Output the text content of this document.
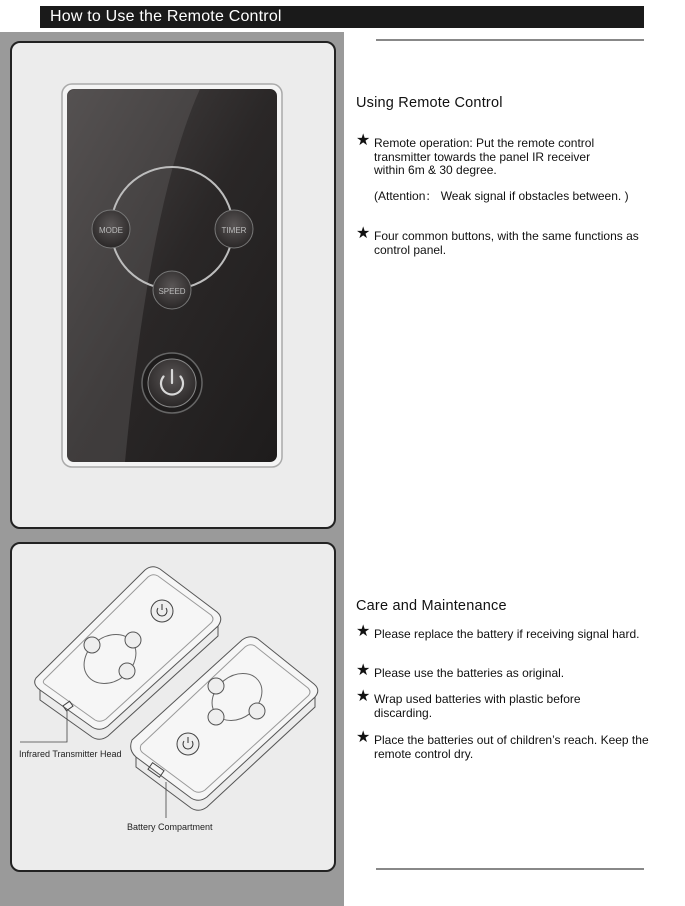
How to Use the Remote Control
MODE	TIMER
SPEED
Infrared Transmitter Head
Battery Compartment
Using Remote Control
★ Remote operation: Put the remote control transmitter towards the panel IR receiver within 6m & 30 degree.
(Attention： Weak signal if obstacles between. )
★ Four common buttons, with the same functions as control panel.
Care and Maintenance
★ Please replace the battery if receiving signal hard.
★ Please use the batteries as original.
★ Wrap used batteries with plastic before discarding.
★ Place the batteries out of children’s reach. Keep the remote control dry.
